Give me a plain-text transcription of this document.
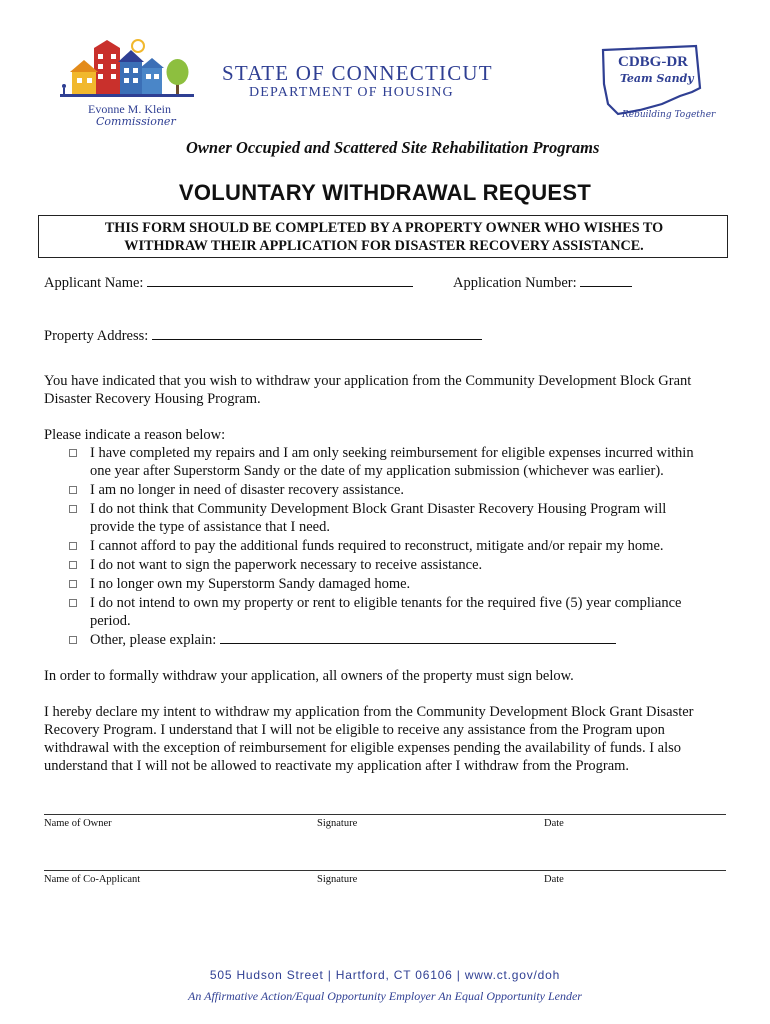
STATE OF CONNECTICUT
DEPARTMENT OF HOUSING
Evonne M. Klein
Commissioner
CDBG-DR
Team Sandy
Rebuilding Together
Owner Occupied and Scattered Site Rehabilitation Programs
VOLUNTARY WITHDRAWAL REQUEST
THIS FORM SHOULD BE COMPLETED BY A PROPERTY OWNER WHO WISHES TO
WITHDRAW THEIR APPLICATION FOR DISASTER RECOVERY ASSISTANCE.
Applicant Name:	Application Number:
Property Address:
You have indicated that you wish to withdraw your application from the Community Development Block Grant
Disaster Recovery Housing Program.
Please indicate a reason below:
I have completed my repairs and I am only seeking reimbursement for eligible expenses incurred within
one year after Superstorm Sandy or the date of my application submission (whichever was earlier).
I am no longer in need of disaster recovery assistance.
I do not think that Community Development Block Grant Disaster Recovery Housing Program will
provide the type of assistance that I need.
I cannot afford to pay the additional funds required to reconstruct, mitigate and/or repair my home.
I do not want to sign the paperwork necessary to receive assistance.
I no longer own my Superstorm Sandy damaged home.
I do not intend to own my property or rent to eligible tenants for the required five (5) year compliance
period.
Other, please explain:
In order to formally withdraw your application, all owners of the property must sign below.
I hereby declare my intent to withdraw my application from the Community Development Block Grant Disaster
Recovery Program. I understand that I will not be eligible to receive any assistance from the Program upon
withdrawal with the exception of reimbursement for eligible expenses pending the availability of funds. I also
understand that I will not be allowed to reactivate my application after I withdraw from the Program.
Name of Owner	Signature	Date
Name of Co-Applicant	Signature	Date
505 Hudson Street | Hartford, CT 06106 | www.ct.gov/doh
An Affirmative Action/Equal Opportunity Employer An Equal Opportunity Lender
